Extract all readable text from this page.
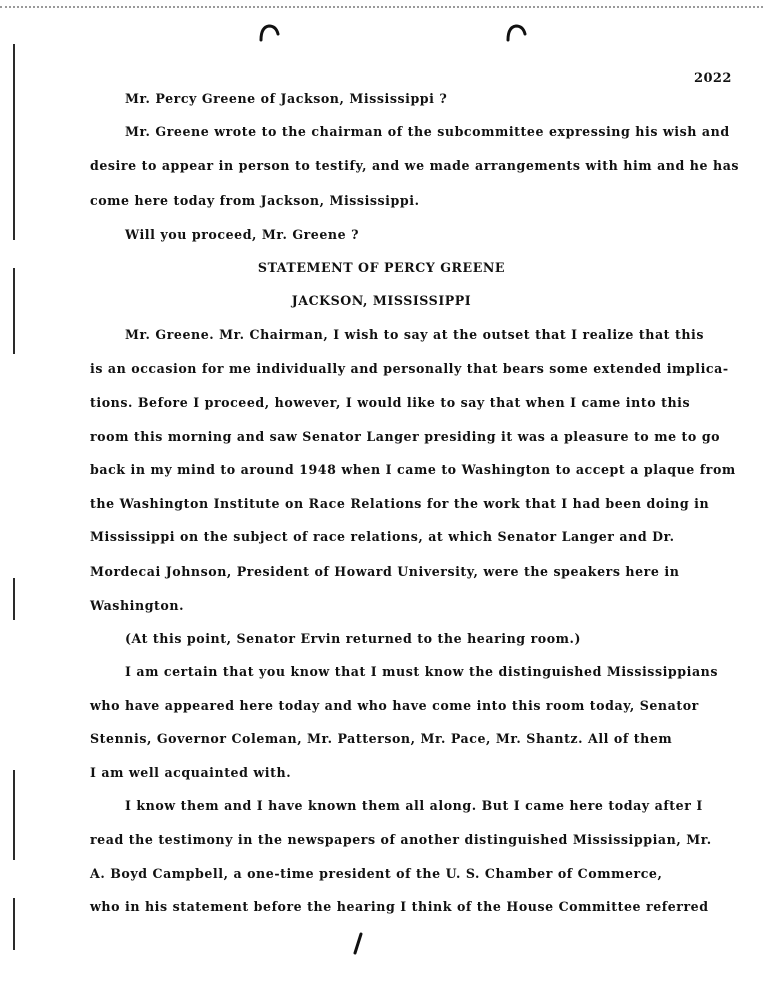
2022
Mr. Percy Greene of Jackson, Mississippi ?
Mr. Greene wrote to the chairman of the subcommittee expressing his wish and
desire to appear in person to testify, and we made arrangements with him and he has
come here today from Jackson, Mississippi.
Will you proceed, Mr. Greene ?
STATEMENT OF PERCY GREENE
JACKSON, MISSISSIPPI
Mr. Greene. Mr. Chairman, I wish to say at the outset that I realize that this
is an occasion for me individually and personally that bears some extended implica-
tions. Before I proceed, however, I would like to say that when I came into this
room this morning and saw Senator Langer presiding it was a pleasure to me to go
back in my mind to around 1948 when I came to Washington to accept a plaque from
the Washington Institute on Race Relations for the work that I had been doing in
Mississippi on the subject of race relations, at which Senator Langer and Dr.
Mordecai Johnson, President of Howard University, were the speakers here in
Washington.
(At this point, Senator Ervin returned to the hearing room.)
I am certain that you know that I must know the distinguished Mississippians
who have appeared here today and who have come into this room today, Senator
Stennis, Governor Coleman, Mr. Patterson, Mr. Pace, Mr. Shantz. All of them
I am well acquainted with.
I know them and I have known them all along. But I came here today after I
read the testimony in the newspapers of another distinguished Mississippian, Mr.
A. Boyd Campbell, a one-time president of the U. S. Chamber of Commerce,
who in his statement before the hearing I think of the House Committee referred
